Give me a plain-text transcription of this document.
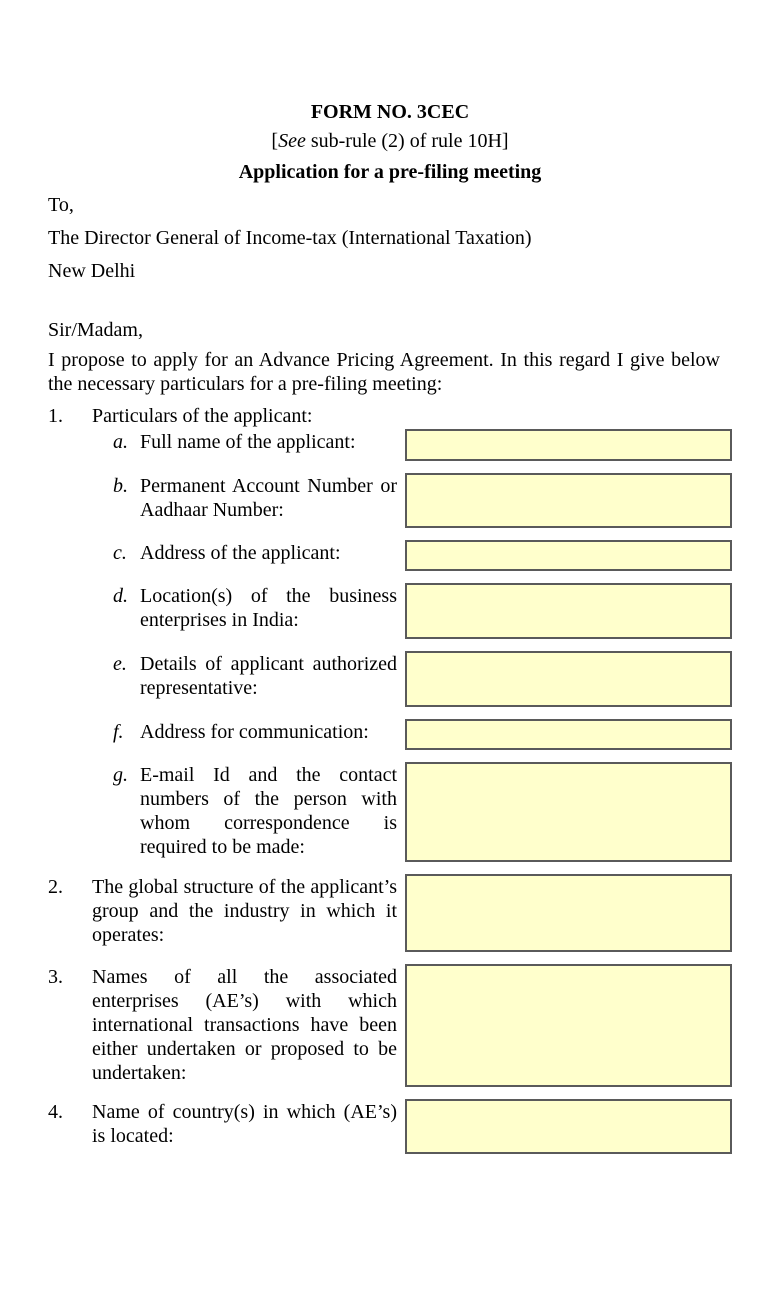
FORM NO. 3CEC
[See sub-rule (2) of rule 10H]
Application for a pre-filing meeting
To,
The Director General of Income-tax (International Taxation)
New Delhi
Sir/Madam,

I propose to apply for an Advance Pricing Agreement. In this regard I give below the necessary particulars for a pre-filing meeting:

1.	Particulars of the applicant:
a. Full name of the applicant:
b. Permanent Account Number or Aadhaar Number:
c. Address of the applicant:
d. Location(s) of the business enterprises in India:
e. Details of applicant authorized representative:
f. Address for communication:
g. E-mail Id and the contact numbers of the person with whom correspondence is required to be made:
2.	The global structure of the applicant’s group and the industry in which it operates:
3.	Names of all the associated enterprises (AE’s) with which international transactions have been either undertaken or proposed to be undertaken:
4.	Name of country(s) in which (AE’s) is located:
